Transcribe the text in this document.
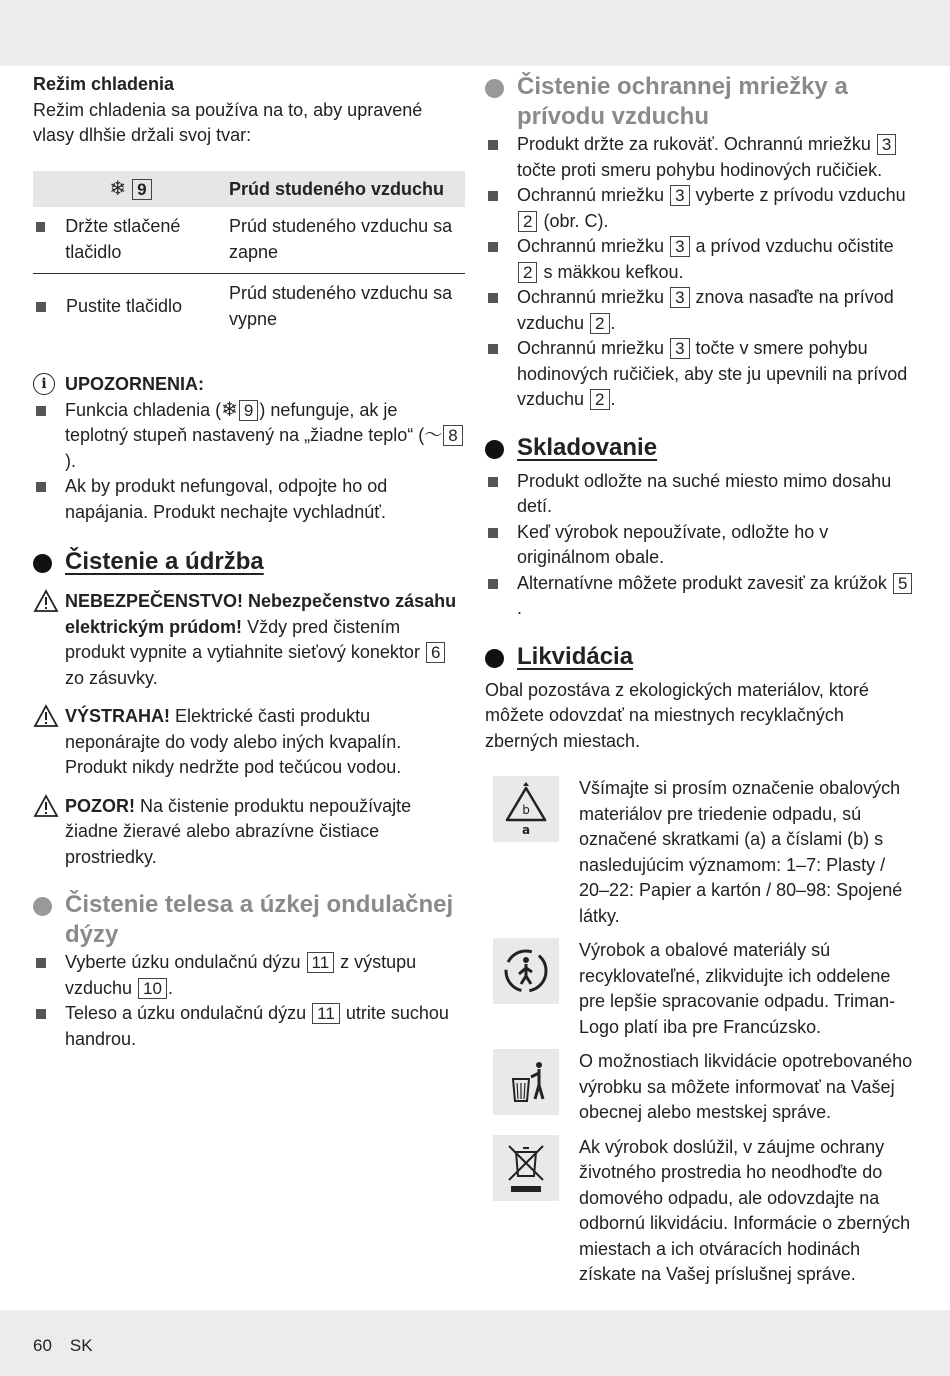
Režim chladenia

Režim chladenia sa používa na to, aby upravené vlasy dlhšie držali svoj tvar:

❄ 9	Prúd studeného vzduchu

Držte stlačené tlačidlo	Prúd studeného vzduchu sa zapne

Pustite tlačidlo	Prúd studeného vzduchu sa vypne
i	UPOZORNENIA:
Funkcia chladenia (❄ 9 ) nefunguje, ak je teplotný stupeň nastavený na „žiadne teplo“ (〜 8).
Ak by produkt nefungoval, odpojte ho od napájania. Produkt nechajte vychladnúť.
Čistenie a údržba
NEBEZPEČENSTVO! Nebezpečenstvo zásahu elektrickým prúdom! Vždy pred čistením produkt vypnite a vytiahnite sieťový konektor 6 zo zásuvky.
VÝSTRAHA! Elektrické časti produktu neponárajte do vody alebo iných kvapalín. Produkt nikdy nedržte pod tečúcou vodou.
POZOR! Na čistenie produktu nepoužívajte žiadne žieravé alebo abrazívne čistiace prostriedky.
Čistenie telesa a úzkej ondulačnej dýzy
Vyberte úzku ondulačnú dýzu 11 z výstupu vzduchu 10 .
Teleso a úzku ondulačnú dýzu 11 utrite suchou handrou.
Čistenie ochrannej mriežky a prívodu vzduchu
Produkt držte za rukoväť. Ochrannú mriežku 3 točte proti smeru pohybu hodinových ručičiek.
Ochrannú mriežku 3 vyberte z prívodu vzduchu 2 (obr. C).
Ochrannú mriežku 3 a prívod vzduchu očistite 2 s mäkkou kefkou.
Ochrannú mriežku 3 znova nasaďte na prívod vzduchu 2 .
Ochrannú mriežku 3 točte v smere pohybu hodinových ručičiek, aby ste ju upevnili na prívod vzduchu 2 .
Skladovanie
Produkt odložte na suché miesto mimo dosahu detí.
Keď výrobok nepoužívate, odložte ho v originálnom obale.
Alternatívne môžete produkt zavesiť za krúžok 5.
Likvidácia

Obal pozostáva z ekologických materiálov, ktoré môžete odovzdať na miestnych recyklačných zberných miestach.

b
a
Všímajte si prosím označenie obalových materiálov pre triedenie odpadu, sú označené skratkami (a) a číslami (b) s nasledujúcim významom: 1–7: Plasty / 20–22: Papier a kartón / 80–98: Spojené látky.
Výrobok a obalové materiály sú recyklovateľné, zlikvidujte ich oddelene pre lepšie spracovanie odpadu. Triman-Logo platí iba pre Francúzsko.
O možnostiach likvidácie opotrebovaného výrobku sa môžete informovať na Vašej obecnej alebo mestskej správe.
Ak výrobok doslúžil, v záujme ochrany životného prostredia ho neodhoďte do domového odpadu, ale odovzdajte na odbornú likvidáciu. Informácie o zberných miestach a ich otváracích hodinách získate na Vašej príslušnej správe.
60 SK
